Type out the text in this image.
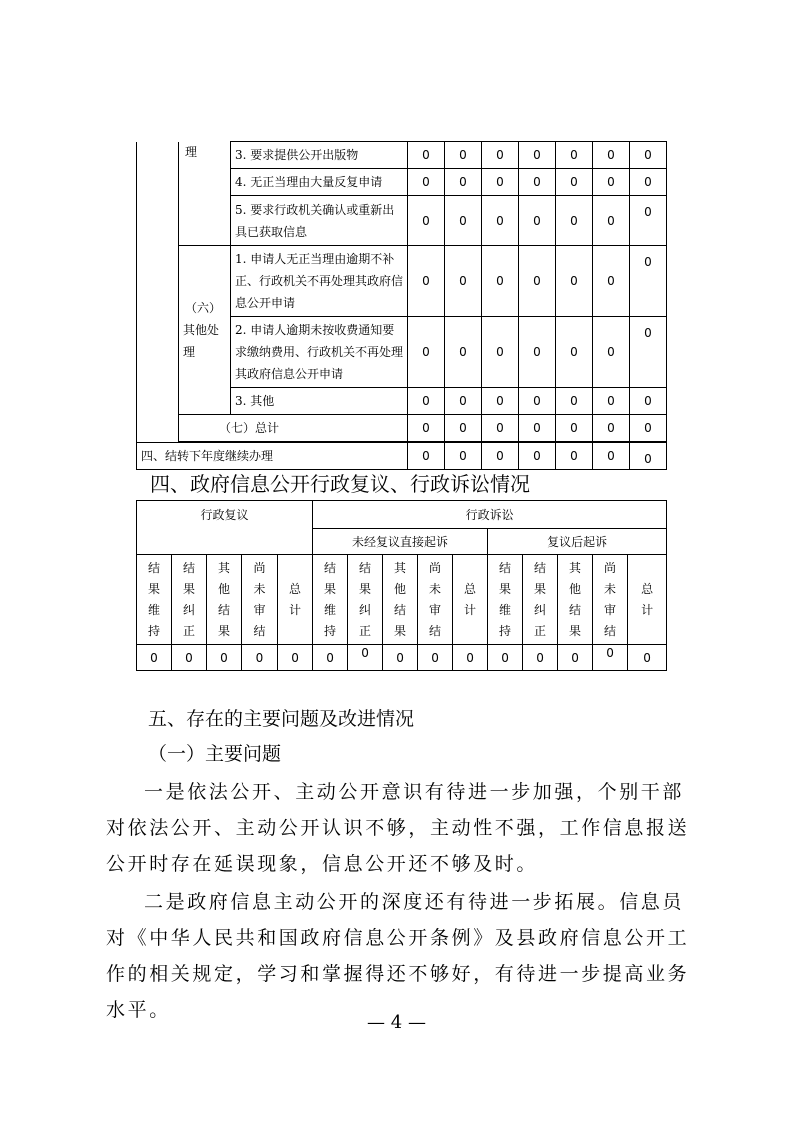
	理	3. 要求提供公开出版物	0	0	0	0	0	0	0
		4. 无正当理由大量反复申请	0	0	0	0	0	0	0
		5. 要求行政机关确认或重新出具已获取信息	0	0	0	0	0	0	0

	（六）
其他处
理	1. 申请人无正当理由逾期不补正、行政机关不再处理其政府信息公开申请	0	0	0	0	0	0	0
		2. 申请人逾期未按收费通知要求缴纳费用、行政机关不再处理其政府信息公开申请	0	0	0	0	0	0	0
		3. 其他	0	0	0	0	0	0	0
	（七）总计		0	0	0	0	0	0	0

四、结转下年度继续办理			0	0	0	0	0	0	0
四、政府信息公开行政复议、行政诉讼情况
行政复议					行政诉讼									
					未经复议直接起诉					复议后起诉				
结果维持	结果纠正	其他结果	尚未审结	总计	结果维持	结果纠正	其他结果	尚未审结	总计	结果维持	结果纠正	其他结果	尚未审结	总计
0	0	0	0	0	0	0	0	0	0	0	0	0	0	0
五、存在的主要问题及改进情况
（一）主要问题

一是依法公开、主动公开意识有待进一步加强，个别干部对依法公开、主动公开认识不够，主动性不强，工作信息报送公开时存在延误现象，信息公开还不够及时。

二是政府信息主动公开的深度还有待进一步拓展。信息员对《中华人民共和国政府信息公开条例》及县政府信息公开工作的相关规定，学习和掌握得还不够好，有待进一步提高业务水平。

— 4 —
